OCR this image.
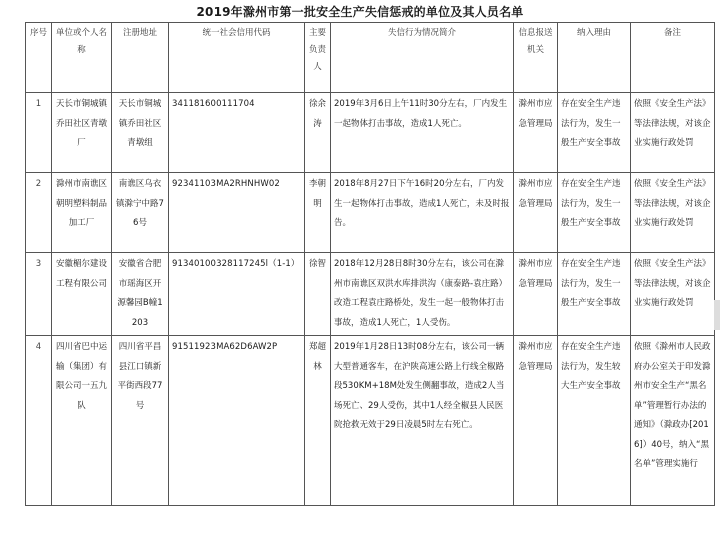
2019年滁州市第一批安全生产失信惩戒的单位及其人员名单
序号	单位或个人名称	注册地址	统一社会信用代码	主要负责人	失信行为情况简介	信息报送机关	纳入理由	备注
1	天长市铜城镇乔田社区青墩厂	天长市铜城镇乔田社区青墩组	341181600111704	徐余涛	2019年3月6日上午11时30分左右，厂内发生一起物体打击事故，造成1人死亡。	滁州市应急管理局	存在安全生产违法行为，发生一般生产安全事故	依照《安全生产法》等法律法规，对该企业实施行政处罚
2	滁州市南谯区朝明塑料制品加工厂	南谯区乌衣镇滁宁中路76号	92341103MA2RHNHW02	李朝明	2018年8月27日下午16时20分左右，厂内发生一起物体打击事故，造成1人死亡，未及时报告。	滁州市应急管理局	存在安全生产违法行为，发生一般生产安全事故	依照《安全生产法》等法律法规，对该企业实施行政处罚
3	安徽楣尔建设工程有限公司	安徽省合肥市瑶海区开源馨园B幢1203	91340100328117245l（1-1）	徐智	2018年12月28日8时30分左右，该公司在滁州市南谯区双洪水库排洪沟（康泰路-袁庄路）改造工程袁庄路桥处，发生一起一般物体打击事故，造成1人死亡，1人受伤。	滁州市应急管理局	存在安全生产违法行为，发生一般生产安全事故	依照《安全生产法》等法律法规，对该企业实施行政处罚
4	四川省巴中运输（集团）有限公司一五九队	四川省平昌县江口镇新平街西段77号	91511923MA62D6AW2P	郑超林	2019年1月28日13时08分左右，该公司一辆大型普通客车，在沪陕高速公路上行线全椒路段530KM+18M处发生侧翻事故，造成2人当场死亡、29人受伤，其中1人经全椒县人民医院抢救无效于29日凌晨5时左右死亡。	滁州市应急管理局	存在安全生产违法行为，发生较大生产安全事故	依照《滁州市人民政府办公室关于印发滁州市安全生产“黑名单”管理暂行办法的通知》（滁政办[2016]）40号，纳入“黑名单”管理实施行
